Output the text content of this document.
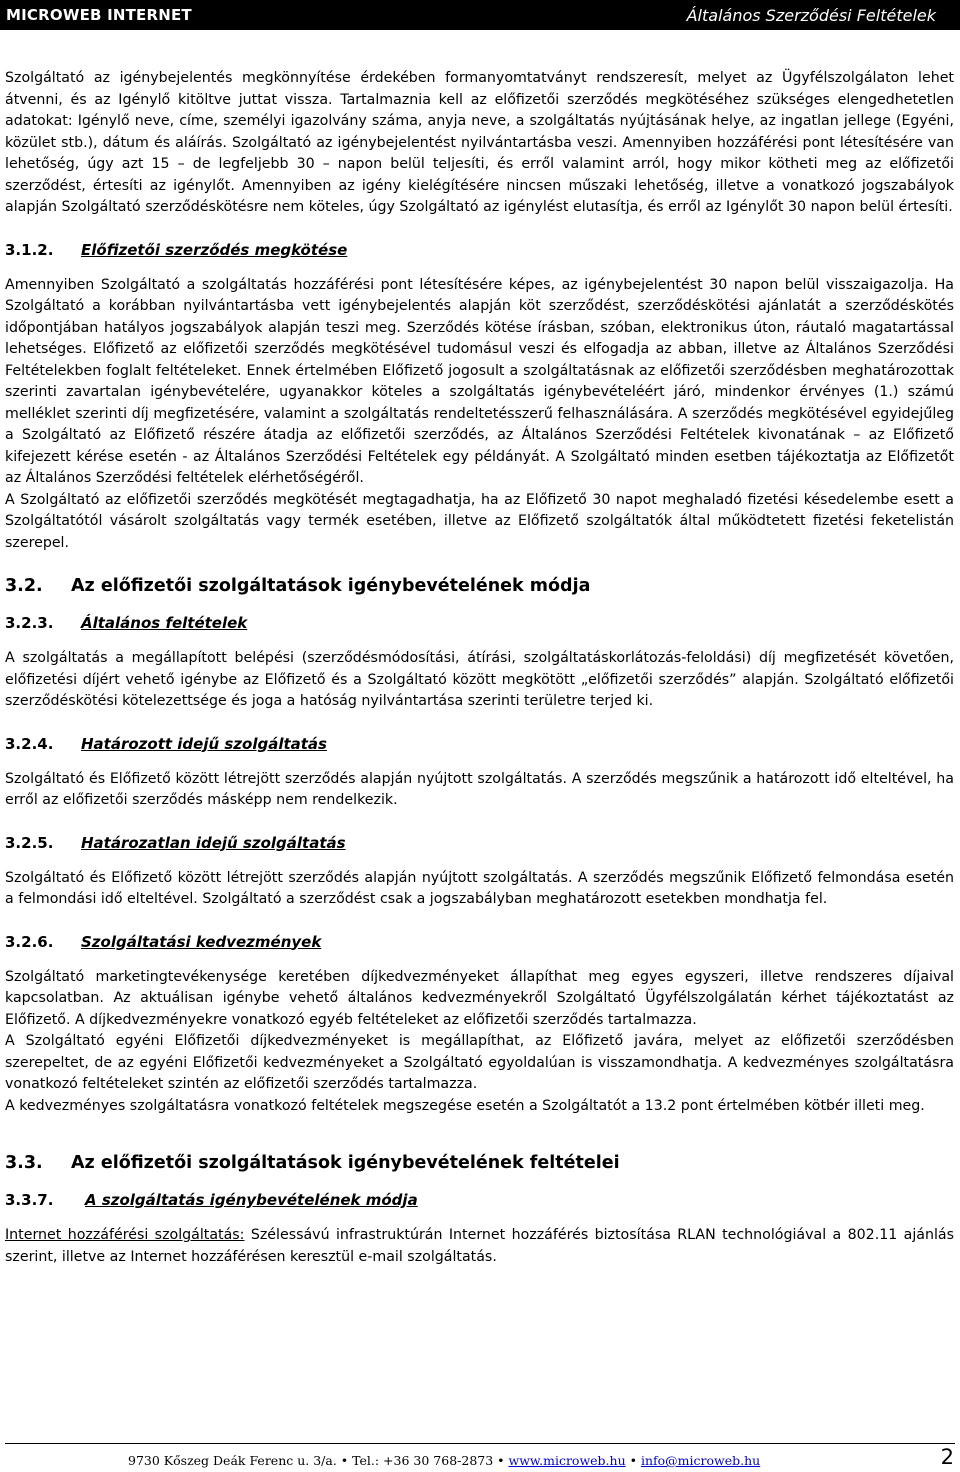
MICROWEB INTERNET	Általános Szerződési Feltételek

Szolgáltató az igénybejelentés megkönnyítése érdekében formanyomtatványt rendszeresít, melyet az Ügyfélszolgálaton lehet átvenni, és az Igénylő kitöltve juttat vissza. Tartalmaznia kell az előfizetői szerződés megkötéséhez szükséges elengedhetetlen adatokat: Igénylő neve, címe, személyi igazolvány száma, anyja neve, a szolgáltatás nyújtásának helye, az ingatlan jellege (Egyéni, közület stb.), dátum és aláírás. Szolgáltató az igénybejelentést nyilvántartásba veszi. Amennyiben hozzáférési pont létesítésére van lehetőség, úgy azt 15 – de legfeljebb 30 – napon belül teljesíti, és erről valamint arról, hogy mikor kötheti meg az előfizetői szerződést, értesíti az igénylőt. Amennyiben az igény kielégítésére nincsen műszaki lehetőség, illetve a vonatkozó jogszabályok alapján Szolgáltató szerződéskötésre nem köteles, úgy Szolgáltató az igénylést elutasítja, és erről az Igénylőt 30 napon belül értesíti.

3.1.2.	Előfizetői szerződés megkötése

Amennyiben Szolgáltató a szolgáltatás hozzáférési pont létesítésére képes, az igénybejelentést 30 napon belül visszaigazolja. Ha Szolgáltató a korábban nyilvántartásba vett igénybejelentés alapján köt szerződést, szerződéskötési ajánlatát a szerződéskötés időpontjában hatályos jogszabályok alapján teszi meg. Szerződés kötése írásban, szóban, elektronikus úton, ráutaló magatartással lehetséges. Előfizető az előfizetői szerződés megkötésével tudomásul veszi és elfogadja az abban, illetve az Általános Szerződési Feltételekben foglalt feltételeket. Ennek értelmében Előfizető jogosult a szolgáltatásnak az előfizetői szerződésben meghatározottak szerinti zavartalan igénybevételére, ugyanakkor köteles a szolgáltatás igénybevételéért járó, mindenkor érvényes (1.) számú melléklet szerinti díj megfizetésére, valamint a szolgáltatás rendeltetésszerű felhasználására. A szerződés megkötésével egyidejűleg a Szolgáltató az Előfizető részére átadja az előfizetői szerződés, az Általános Szerződési Feltételek kivonatának – az Előfizető kifejezett kérése esetén - az Általános Szerződési Feltételek egy példányát. A Szolgáltató minden esetben tájékoztatja az Előfizetőt az Általános Szerződési feltételek elérhetőségéről.

A Szolgáltató az előfizetői szerződés megkötését megtagadhatja, ha az Előfizető 30 napot meghaladó fizetési késedelembe esett a Szolgáltatótól vásárolt szolgáltatás vagy termék esetében, illetve az Előfizető szolgáltatók által működtetett fizetési feketelistán szerepel.

3.2.	Az előfizetői szolgáltatások igénybevételének módja
3.2.3.	Általános feltételek

A szolgáltatás a megállapított belépési (szerződésmódosítási, átírási, szolgáltatáskorlátozás-feloldási) díj megfizetését követően, előfizetési díjért vehető igénybe az Előfizető és a Szolgáltató között megkötött „előfizetői szerződés” alapján. Szolgáltató előfizetői szerződéskötési kötelezettsége és joga a hatóság nyilvántartása szerinti területre terjed ki.

3.2.4.	Határozott idejű szolgáltatás

Szolgáltató és Előfizető között létrejött szerződés alapján nyújtott szolgáltatás. A szerződés megszűnik a határozott idő elteltével, ha erről az előfizetői szerződés másképp nem rendelkezik.

3.2.5.	Határozatlan idejű szolgáltatás

Szolgáltató és Előfizető között létrejött szerződés alapján nyújtott szolgáltatás. A szerződés megszűnik Előfizető felmondása esetén a felmondási idő elteltével. Szolgáltató a szerződést csak a jogszabályban meghatározott esetekben mondhatja fel.

3.2.6.	Szolgáltatási kedvezmények

Szolgáltató marketingtevékenysége keretében díjkedvezményeket állapíthat meg egyes egyszeri, illetve rendszeres díjaival kapcsolatban. Az aktuálisan igénybe vehető általános kedvezményekről Szolgáltató Ügyfélszolgálatán kérhet tájékoztatást az Előfizető. A díjkedvezményekre vonatkozó egyéb feltételeket az előfizetői szerződés tartalmazza.

A Szolgáltató egyéni Előfizetői díjkedvezményeket is megállapíthat, az Előfizető javára, melyet az előfizetői szerződésben szerepeltet, de az egyéni Előfizetői kedvezményeket a Szolgáltató egyoldalúan is visszamondhatja. A kedvezményes szolgáltatásra vonatkozó feltételeket szintén az előfizetői szerződés tartalmazza.

A kedvezményes szolgáltatásra vonatkozó feltételek megszegése esetén a Szolgáltatót a 13.2 pont értelmében kötbér illeti meg.

3.3.	Az előfizetői szolgáltatások igénybevételének feltételei
3.3.7.	A szolgáltatás igénybevételének módja

Internet hozzáférési szolgáltatás: Szélessávú infrastruktúrán Internet hozzáférés biztosítása RLAN technológiával a 802.11 ajánlás szerint, illetve az Internet hozzáférésen keresztül e-mail szolgáltatás.

9730 Kőszeg Deák Ferenc u. 3/a. • Tel.: +36 30 768-2873 • www.microweb.hu • info@microweb.hu	2
